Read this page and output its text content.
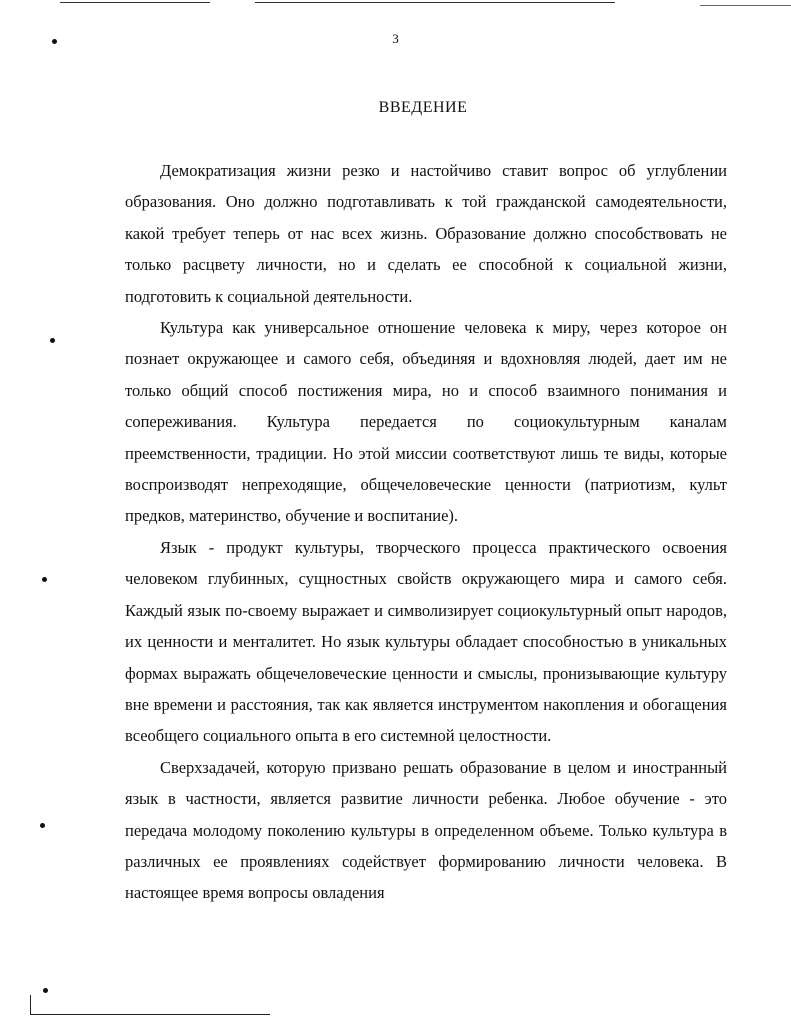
3
ВВЕДЕНИЕ

Демократизация жизни резко и настойчиво ставит вопрос об углублении образования. Оно должно подготавливать к той гражданской самодеятельности, какой требует теперь от нас всех жизнь. Образование должно способствовать не только расцвету личности, но и сделать ее способной к социальной жизни, подготовить к социальной деятельности.

Культура как универсальное отношение человека к миру, через которое он познает окружающее и самого себя, объединяя и вдохновляя людей, дает им не только общий способ постижения мира, но и способ взаимного понимания и сопереживания. Культура передается по социокультурным каналам преемственности, традиции. Но этой миссии соответствуют лишь те виды, которые воспроизводят непреходящие, общечеловеческие ценности (патриотизм, культ предков, материнство, обучение и воспитание).

Язык - продукт культуры, творческого процесса практического освоения человеком глубинных, сущностных свойств окружающего мира и самого себя. Каждый язык по-своему выражает и символизирует социокультурный опыт народов, их ценности и менталитет. Но язык культуры обладает способностью в уникальных формах выражать общечеловеческие ценности и смыслы, пронизывающие культуру вне времени и расстояния, так как является инструментом накопления и обогащения всеобщего социального опыта в его системной целостности.

Сверхзадачей, которую призвано решать образование в целом и иностранный язык в частности, является развитие личности ребенка. Любое обучение - это передача молодому поколению культуры в определенном объеме. Только культура в различных ее проявлениях содействует формированию личности человека. В настоящее время вопросы овладения
